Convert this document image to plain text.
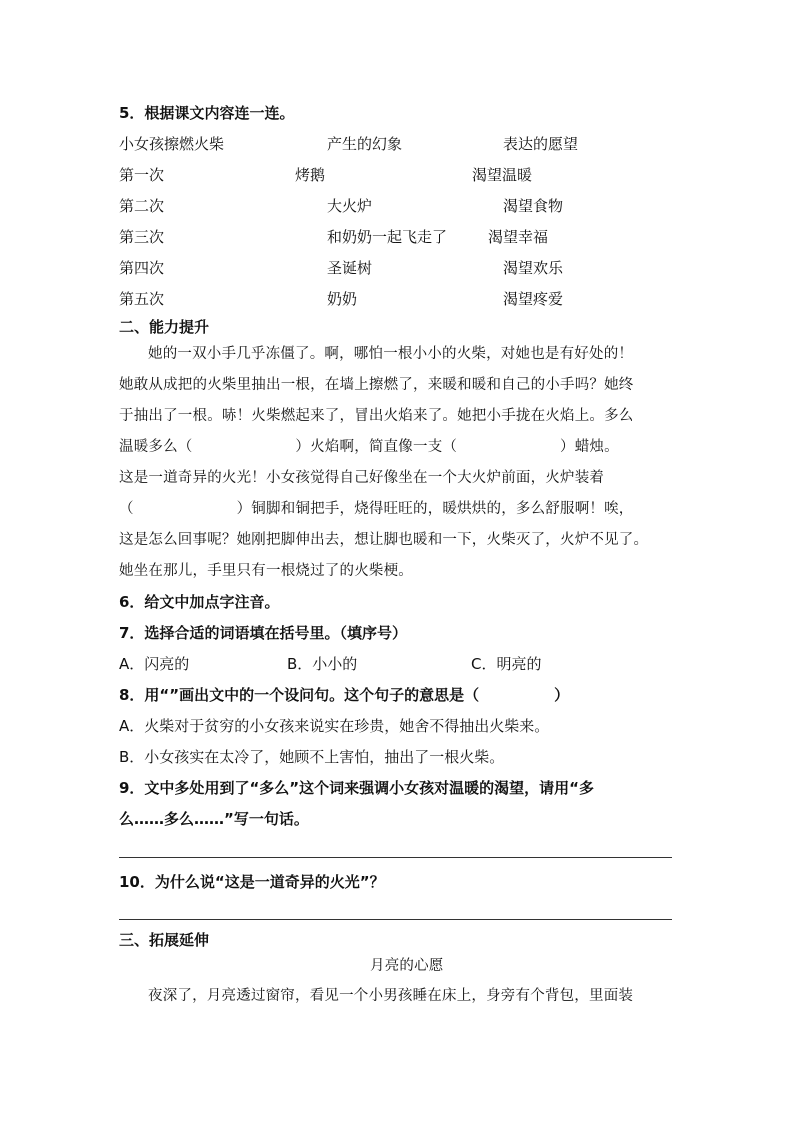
5．根据课文内容连一连。
小女孩擦燃火柴	产生的幻象	表达的愿望
第一次	烤鹅	渴望温暖
第二次	大火炉	渴望食物
第三次	和奶奶一起飞走了	渴望幸福
第四次	圣诞树	渴望欢乐
第五次	奶奶	渴望疼爱
二、能力提升
她的一双小手几乎冻僵了。啊，哪怕一根小小的火柴，对她也是有好处的！
她敢从成把的火柴里抽出一根，在墙上擦燃了，来暖和暖和自己的小手吗？她终
于抽出了一根。哧！火柴燃起来了，冒出火焰来了。她把小手拢在火焰上。多么
温暖多么（　　　　　　　）火焰啊，简直像一支（　　　　　　　）蜡烛。
这是一道奇异的火光！小女孩觉得自己好像坐在一个大火炉前面，火炉装着
（　　　　　　　）铜脚和铜把手，烧得旺旺的，暖烘烘的，多么舒服啊！唉，
这是怎么回事呢？她刚把脚伸出去，想让脚也暖和一下，火柴灭了，火炉不见了。
她坐在那儿，手里只有一根烧过了的火柴梗。
6．给文中加点字注音。
7．选择合适的词语填在括号里。（填序号）
A．闪亮的	B．小小的	C．明亮的
8．用“”画出文中的一个设问句。这个句子的意思是（　　　　　）
A．火柴对于贫穷的小女孩来说实在珍贵，她舍不得抽出火柴来。
B．小女孩实在太冷了，她顾不上害怕，抽出了一根火柴。
9．文中多处用到了“多么”这个词来强调小女孩对温暖的渴望，请用“多
么……多么……”写一句话。
10．为什么说“这是一道奇异的火光”？
三、拓展延伸
月亮的心愿
夜深了，月亮透过窗帘，看见一个小男孩睡在床上，身旁有个背包，里面装
